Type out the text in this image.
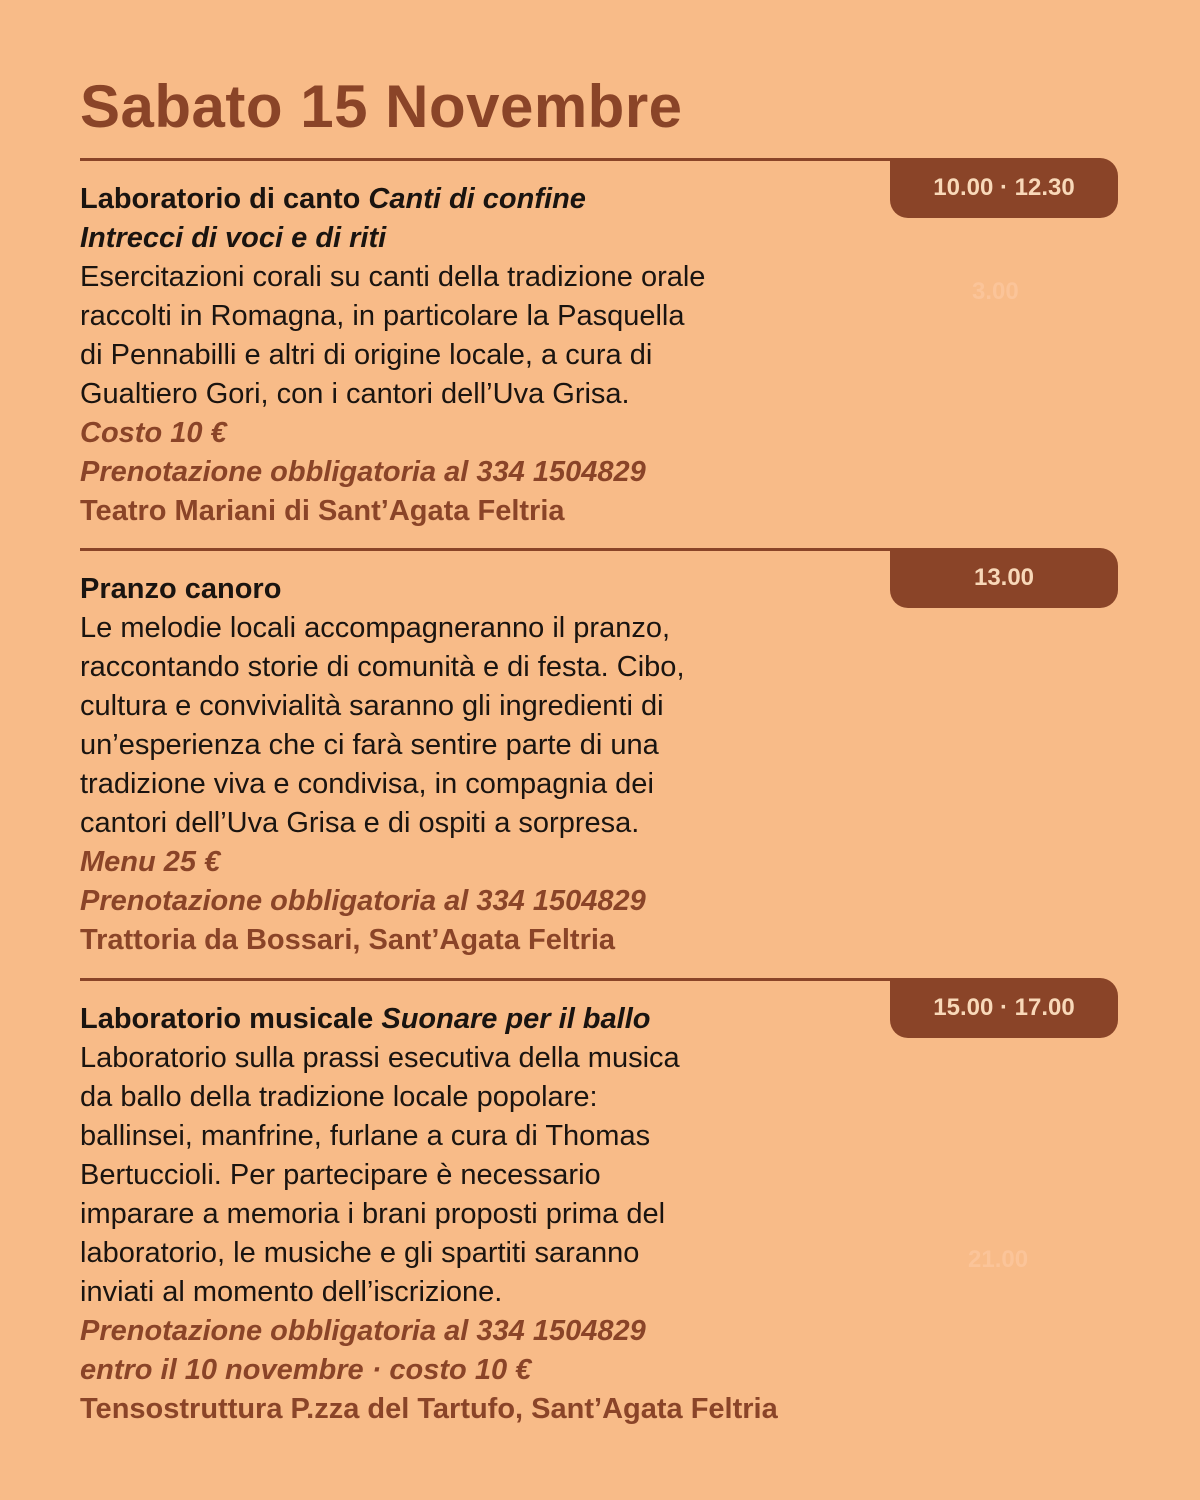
Sabato 15 Novembre
3.00
21.00
10.00 · 12.30
Laboratorio di canto Canti di confine
Intrecci di voci e di riti
Esercitazioni corali su canti della tradizione orale
raccolti in Romagna, in particolare la Pasquella
di Pennabilli e altri di origine locale, a cura di
Gualtiero Gori, con i cantori dell’Uva Grisa.
Costo 10 €
Prenotazione obbligatoria al 334 1504829
Teatro Mariani di Sant’Agata Feltria
13.00
Pranzo canoro
Le melodie locali accompagneranno il pranzo,
raccontando storie di comunità e di festa. Cibo,
cultura e convivialità saranno gli ingredienti di
un’esperienza che ci farà sentire parte di una
tradizione viva e condivisa, in compagnia dei
cantori dell’Uva Grisa e di ospiti a sorpresa.
Menu 25 €
Prenotazione obbligatoria al 334 1504829
Trattoria da Bossari, Sant’Agata Feltria
15.00 · 17.00
Laboratorio musicale Suonare per il ballo
Laboratorio sulla prassi esecutiva della musica
da ballo della tradizione locale popolare:
ballinsei, manfrine, furlane a cura di Thomas
Bertuccioli. Per partecipare è necessario
imparare a memoria i brani proposti prima del
laboratorio, le musiche e gli spartiti saranno
inviati al momento dell’iscrizione.
Prenotazione obbligatoria al 334 1504829
entro il 10 novembre · costo 10 €
Tensostruttura P.zza del Tartufo, Sant’Agata Feltria
